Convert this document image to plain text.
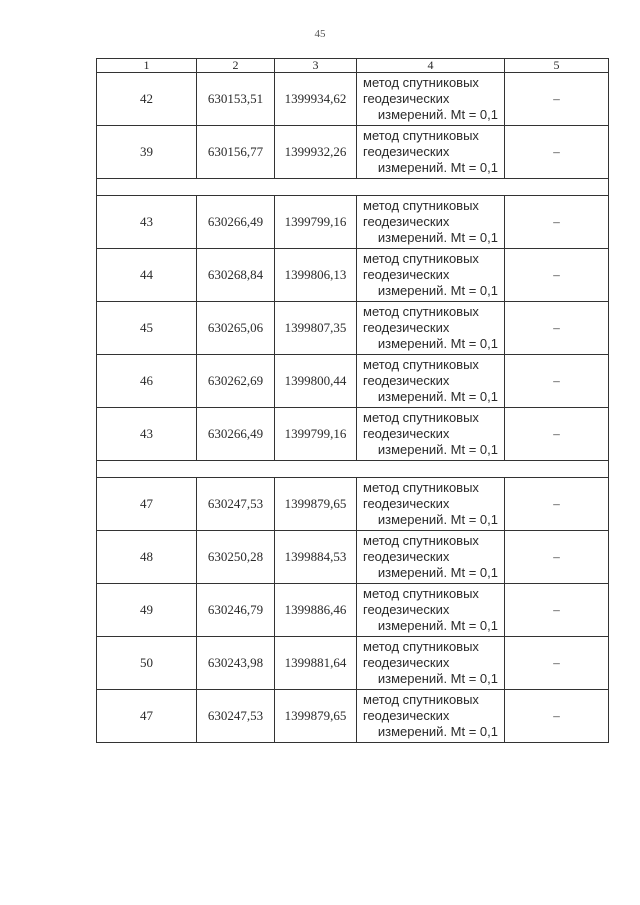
45
1	2	3	4	5
42	630153,51	1399934,62	метод спутниковых
геодезических
измерений. Mt = 0,1	–
39	630156,77	1399932,26	метод спутниковых
геодезических
измерений. Mt = 0,1	–

43	630266,49	1399799,16	метод спутниковых
геодезических
измерений. Mt = 0,1	–
44	630268,84	1399806,13	метод спутниковых
геодезических
измерений. Mt = 0,1	–
45	630265,06	1399807,35	метод спутниковых
геодезических
измерений. Mt = 0,1	–
46	630262,69	1399800,44	метод спутниковых
геодезических
измерений. Mt = 0,1	–
43	630266,49	1399799,16	метод спутниковых
геодезических
измерений. Mt = 0,1	–

47	630247,53	1399879,65	метод спутниковых
геодезических
измерений. Mt = 0,1	–
48	630250,28	1399884,53	метод спутниковых
геодезических
измерений. Mt = 0,1	–
49	630246,79	1399886,46	метод спутниковых
геодезических
измерений. Mt = 0,1	–
50	630243,98	1399881,64	метод спутниковых
геодезических
измерений. Mt = 0,1	–
47	630247,53	1399879,65	метод спутниковых
геодезических
измерений. Mt = 0,1	–
